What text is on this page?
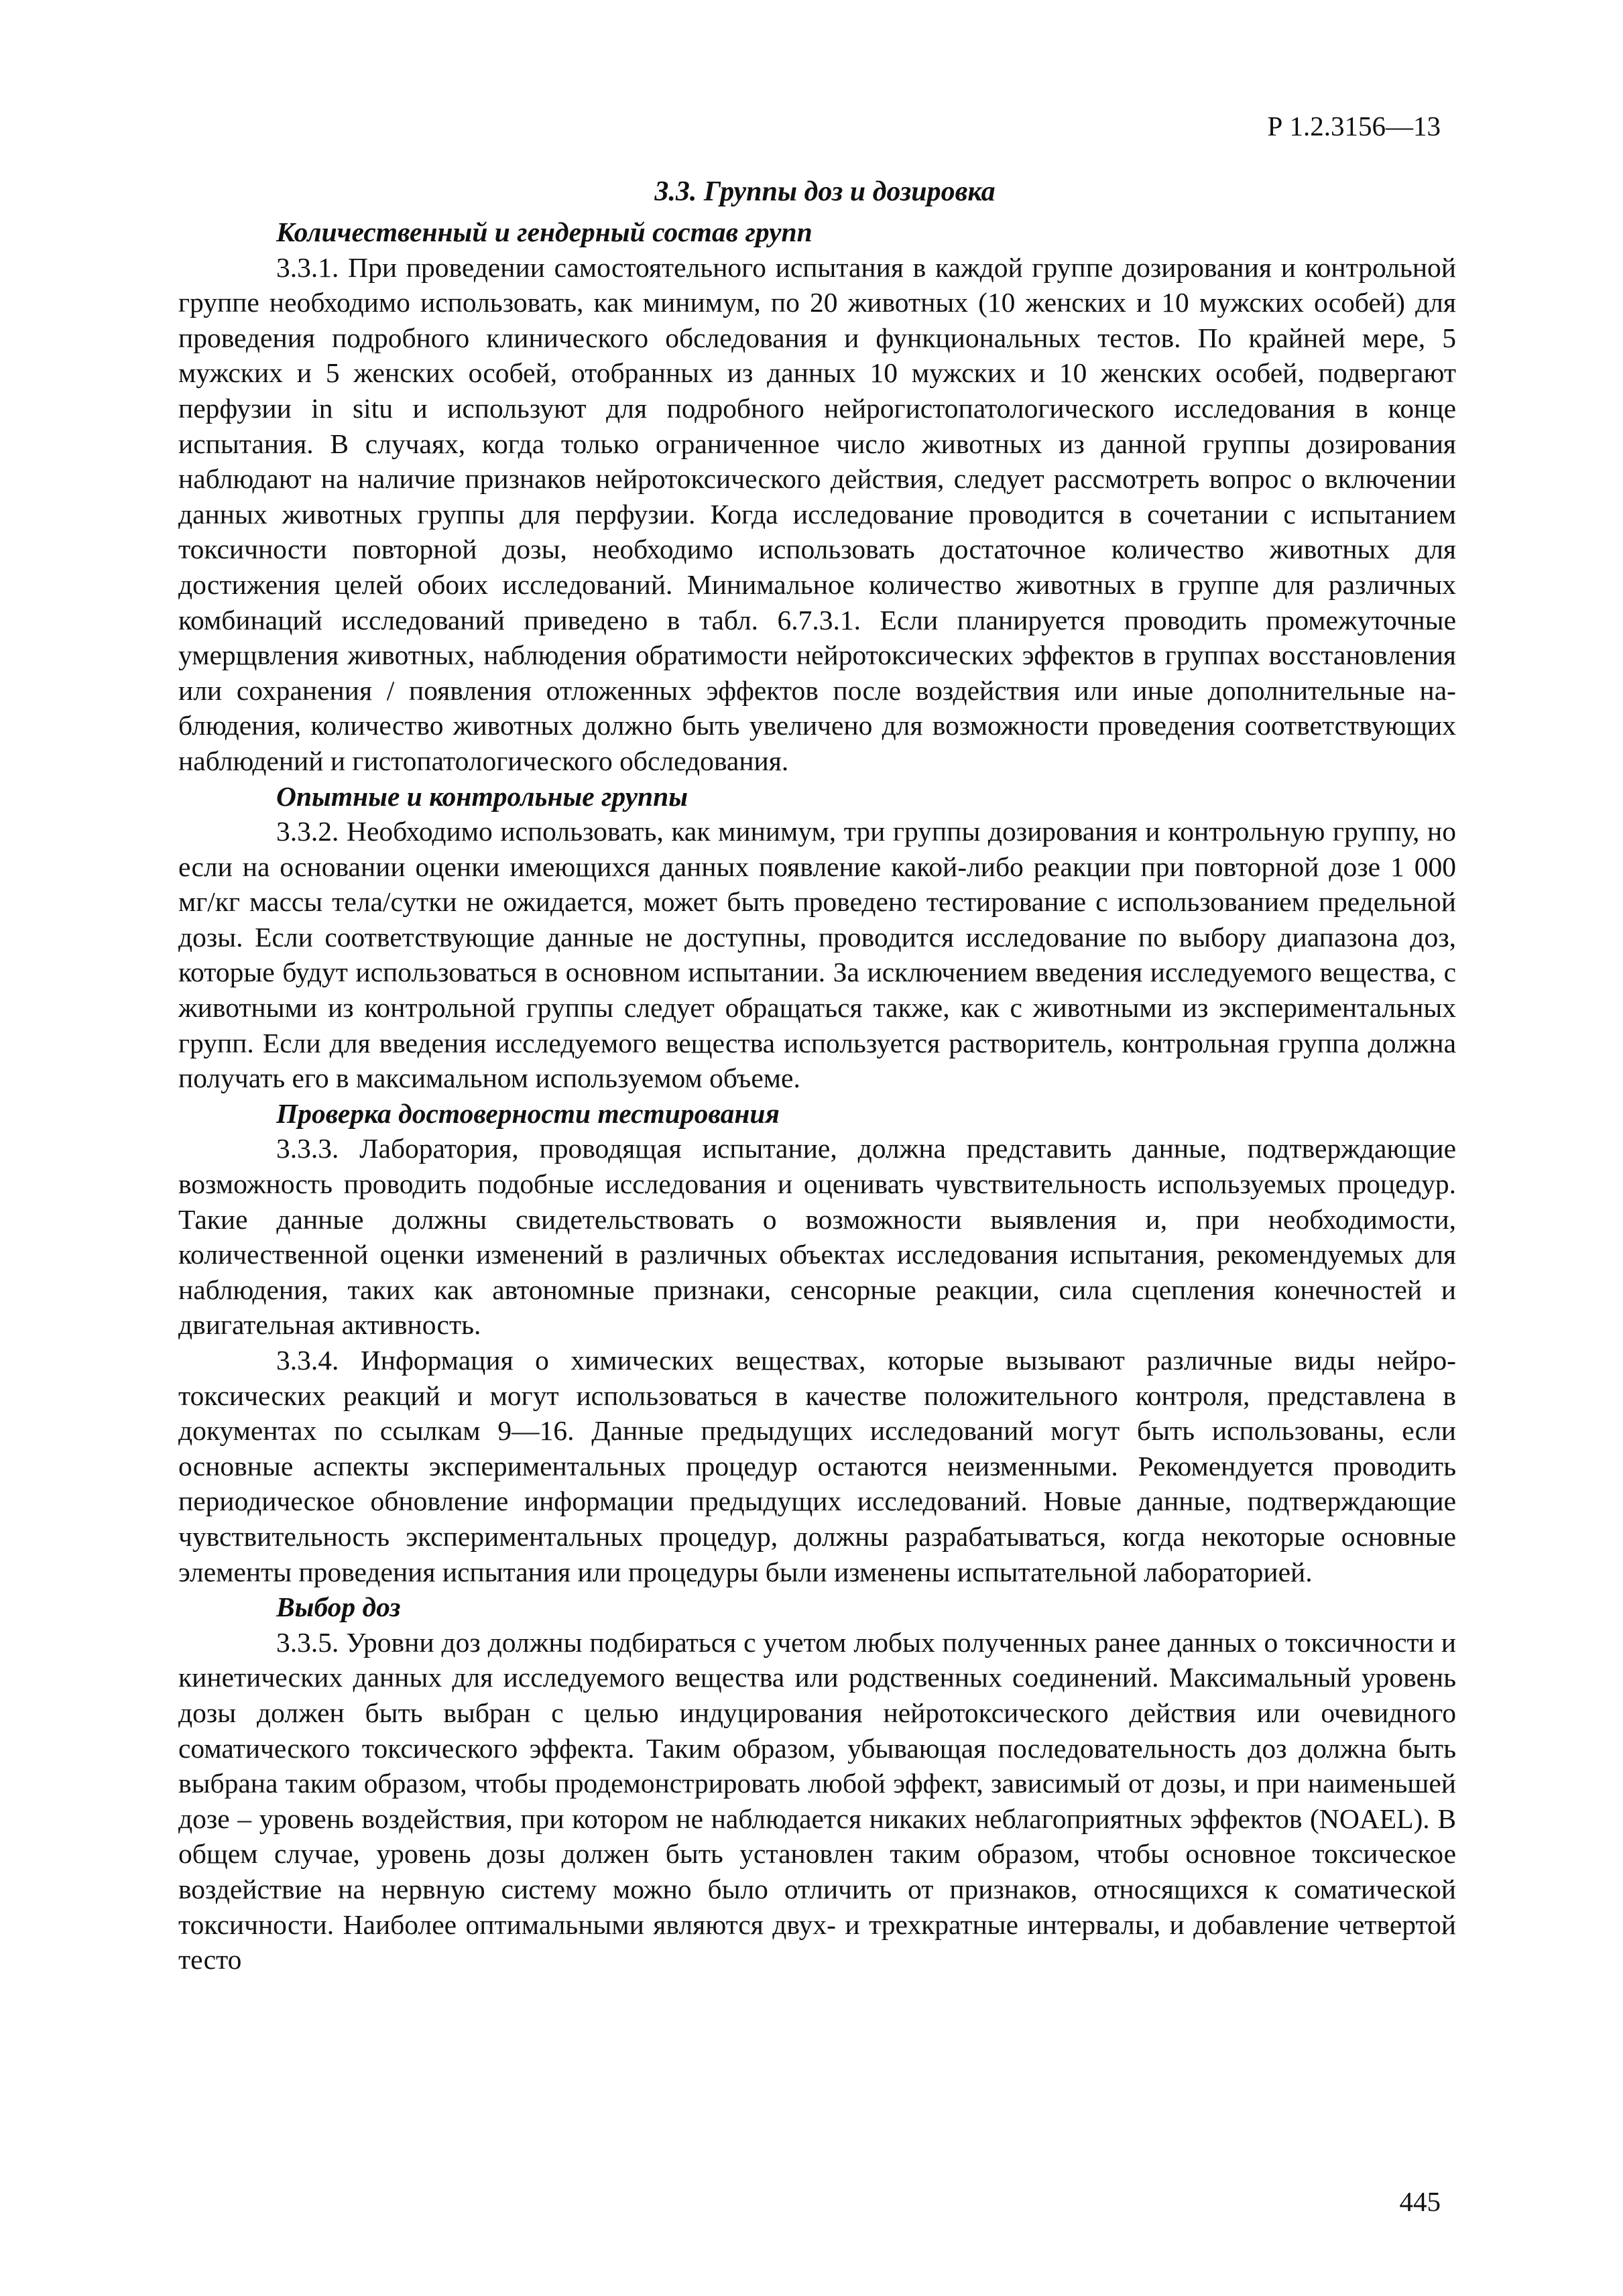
Р 1.2.3156—13
3.3. Группы доз и дозировка
Количественный и гендерный состав групп

3.3.1. При проведении самостоятельного испытания в каждой группе дозирования и контрольной группе необходимо использовать, как минимум, по 20 животных (10 женских и 10 мужских особей) для проведения подробного клинического обследования и функциональных тестов. По крайней мере, 5 мужских и 5 женских особей, отобранных из данных 10 мужских и 10 женских особей, подвергают перфузии in situ и используют для подробного нейрогистопатологического исследования в конце испытания. В случаях, когда только ограниченное число животных из данной группы дозирования наблюдают на наличие признаков нейротоксического действия, следует рассмотреть вопрос о включении данных животных группы для перфузии. Когда исследование проводится в сочетании с испытанием токсичности повторной дозы, необходимо использовать достаточное количество животных для достижения целей обоих исследований. Минимальное количество животных в группе для различных комбинаций исследований приведено в табл. 6.7.3.1. Если планируется проводить промежуточные умерщвления животных, наблюдения обратимости нейротоксических эффектов в группах восстановления или сохранения / появления отложенных эффектов после воздействия или иные дополнительные наблюдения, количество животных должно быть увеличено для возможности проведения соответствующих наблюдений и гистопатологического обследования.

Опытные и контрольные группы

3.3.2. Необходимо использовать, как минимум, три группы дозирования и контрольную группу, но если на основании оценки имеющихся данных появление какой-либо реакции при повторной дозе 1 000 мг/кг массы тела/сутки не ожидается, может быть проведено тестирование с использованием предельной дозы. Если соответствующие данные не доступны, проводится исследование по выбору диапазона доз, которые будут использоваться в основном испытании. За исключением введения исследуемого вещества, с животными из контрольной группы следует обращаться также, как с животными из экспериментальных групп. Если для введения исследуемого вещества используется растворитель, контрольная группа должна получать его в максимальном используемом объеме.

Проверка достоверности тестирования

3.3.3. Лаборатория, проводящая испытание, должна представить данные, подтверждающие возможность проводить подобные исследования и оценивать чувствительность используемых процедур. Такие данные должны свидетельствовать о возможности выявления и, при необходимости, количественной оценки изменений в различных объектах исследования испытания, рекомендуемых для наблюдения, таких как автономные признаки, сенсорные реакции, сила сцепления конечностей и двигательная активность.

3.3.4. Информация о химических веществах, которые вызывают различные виды нейротоксических реакций и могут использоваться в качестве положительного контроля, представлена в документах по ссылкам 9—16. Данные предыдущих исследований могут быть использованы, если основные аспекты экспериментальных процедур остаются неизменными. Рекомендуется проводить периодическое обновление информации предыдущих исследований. Новые данные, подтверждающие чувствительность экспериментальных процедур, должны разрабатываться, когда некоторые основные элементы проведения испытания или процедуры были изменены испытательной лабораторией.

Выбор доз

3.3.5. Уровни доз должны подбираться с учетом любых полученных ранее данных о токсичности и кинетических данных для исследуемого вещества или родственных соединений. Максимальный уровень дозы должен быть выбран с целью индуцирования нейротоксического действия или очевидного соматического токсического эффекта. Таким образом, убывающая последовательность доз должна быть выбрана таким образом, чтобы продемонстрировать любой эффект, зависимый от дозы, и при наименьшей дозе – уровень воздействия, при котором не наблюдается никаких неблагоприятных эффектов (NOAEL). В общем случае, уровень дозы должен быть установлен таким образом, чтобы основное токсическое воздействие на нервную систему можно было отличить от признаков, относящихся к соматической токсичности. Наиболее оптимальными являются двух- и трехкратные интервалы, и добавление четвертой тесто

445
